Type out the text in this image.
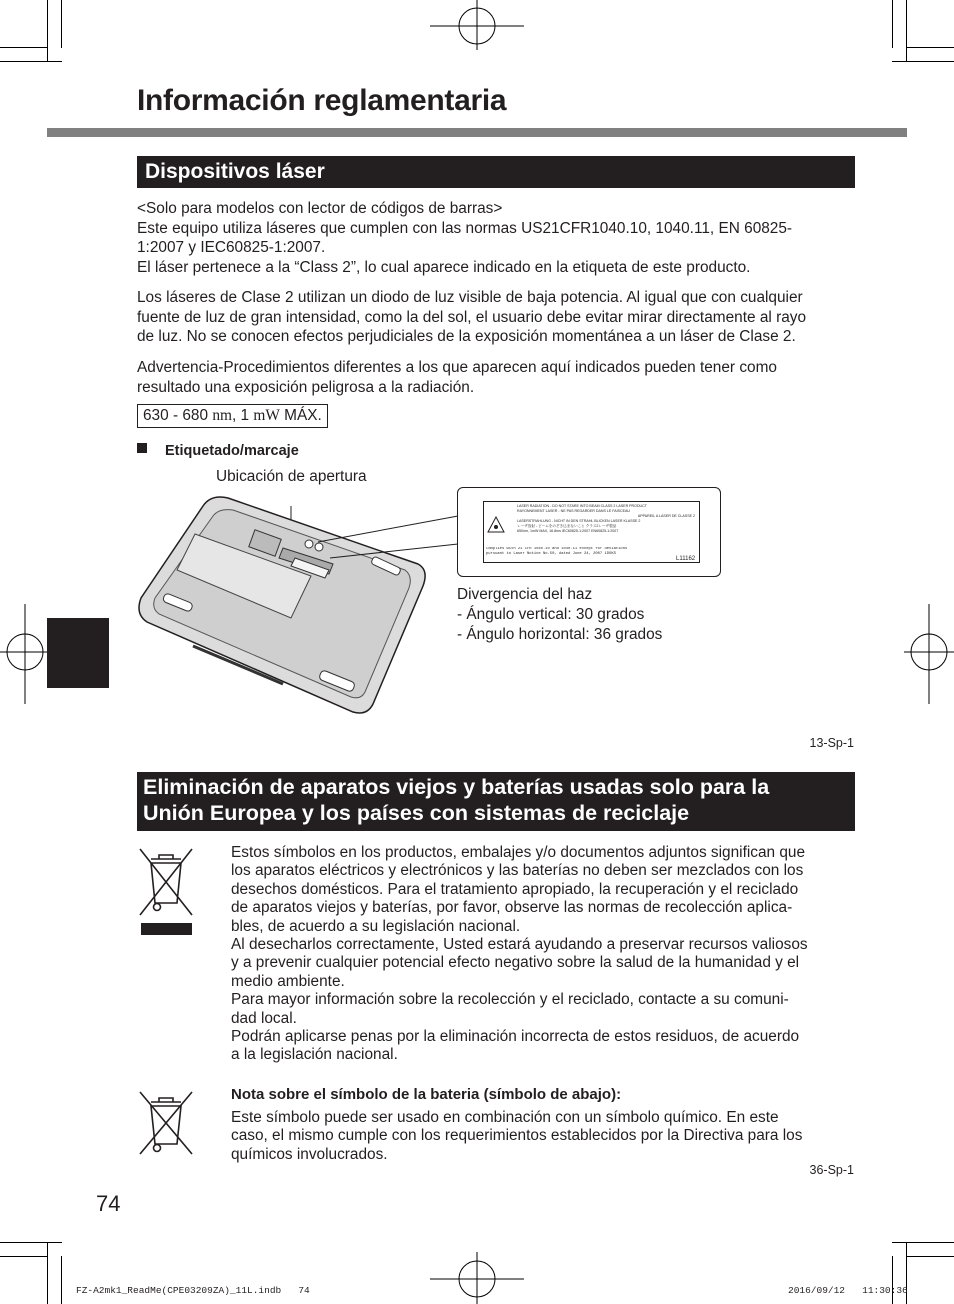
Información reglamentaria
Dispositivos láser

<Solo para modelos con lector de códigos de barras>

Este equipo utiliza láseres que cumplen con las normas US21CFR1040.10, 1040.11, EN 60825-

1:2007 y IEC60825-1:2007.

El láser pertenece a la “Class 2”, lo cual aparece indicado en la etiqueta de este producto.

Los láseres de Clase 2 utilizan un diodo de luz visible de baja potencia. Al igual que con cualquier

fuente de luz de gran intensidad, como la del sol, el usuario debe evitar mirar directamente al rayo

de luz. No se conocen efectos perjudiciales de la exposición momentánea a un láser de Clase 2.

Advertencia-Procedimientos diferentes a los que aparecen aquí indicados pueden tener como

resultado una exposición peligrosa a la radiación.

630 - 680 nm, 1 mW MÁX.
Etiquetado/marcaje
Ubicación de apertura
LASER RADIATION - DO NOT STARE INTO BEAM CLASS 2 LASER PRODUCT
RAYONNEMENT LASER - NE PAS REGARDER DANS LE FAISCEAU
APPAREIL A LASER DE CLASSE 2
LASERSTRAHLUNG - NICHT IN DEN STRAHL BLICKEN LASER KLASSE 2
レーザ放射 - ビームをのぞき込まないこと クラス2レーザ製品
650nm, 1mW MAX, 16.8ms IEC60825-1:2007 EN60825-1:2007
Complies with 21 CFR 1040.10 and 1040.11 except for deviations
pursuant to Laser Notice No.50, dated June 24, 2007 1DOKS
L11162
Divergencia del haz
- Ángulo vertical: 30 grados
- Ángulo horizontal: 36 grados
13-Sp-1
Eliminación de aparatos viejos y baterías usadas solo para la
Unión Europea y los países con sistemas de reciclaje

Estos símbolos en los productos, embalajes y/o documentos adjuntos significan que

los aparatos eléctricos y electrónicos y las baterías no deben ser mezclados con los

desechos domésticos. Para el tratamiento apropiado, la recuperación y el reciclado

de aparatos viejos y baterías, por favor, observe las normas de recolección aplica-

bles, de acuerdo a su legislación nacional.

Al desecharlos correctamente, Usted estará ayudando a preservar recursos valiosos

y a prevenir cualquier potencial efecto negativo sobre la salud de la humanidad y el

medio ambiente.

Para mayor información sobre la recolección y el reciclado, contacte a su comuni-

dad local.

Podrán aplicarse penas por la eliminación incorrecta de estos residuos, de acuerdo

a la legislación nacional.

Nota sobre el símbolo de la bateria (símbolo de abajo):

Este símbolo puede ser usado en combinación con un símbolo químico. En este

caso, el mismo cumple con los requerimientos establecidos por la Directiva para los

químicos involucrados.

36-Sp-1
74
FZ-A2mk1_ReadMe(CPE03209ZA)_11L.indb   74	2016/09/12   11:30:36
